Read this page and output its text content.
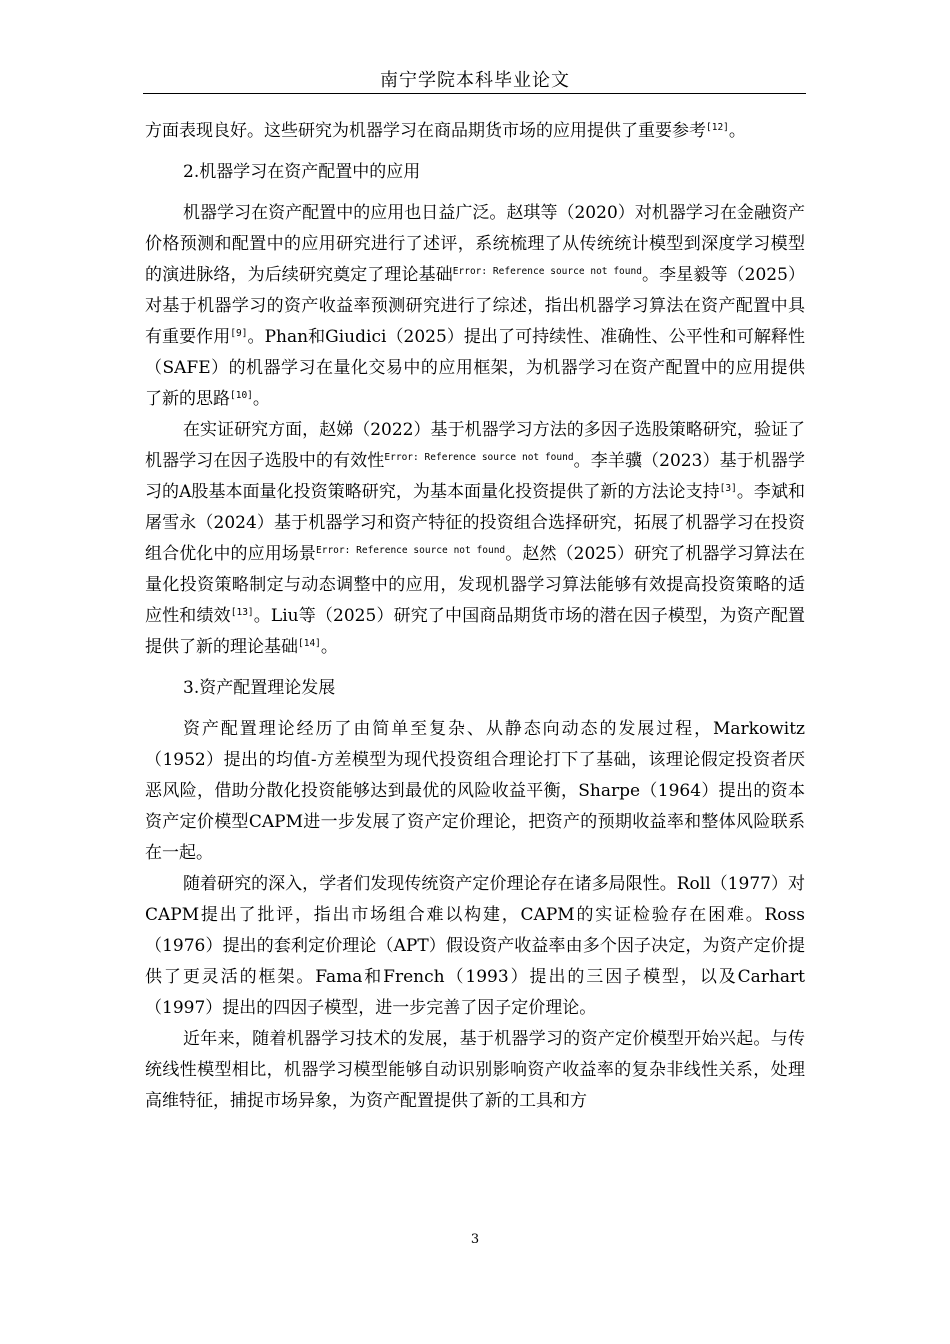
南宁学院本科毕业论文

方面表现良好。这些研究为机器学习在商品期货市场的应用提供了重要参考[12]。

2.机器学习在资产配置中的应用

机器学习在资产配置中的应用也日益广泛。赵琪等（2020）对机器学习在金融资产价格预测和配置中的应用研究进行了述评，系统梳理了从传统统计模型到深度学习模型的演进脉络，为后续研究奠定了理论基础$^{Error: Reference source not found}$。李星毅等（2025）对基于机器学习的资产收益率预测研究进行了综述，指出机器学习算法在资产配置中具有重要作用[9]。Phan和Giudici（2025）提出了可持续性、准确性、公平性和可解释性（SAFE）的机器学习在量化交易中的应用框架，为机器学习在资产配置中的应用提供了新的思路[10]。

在实证研究方面，赵娣（2022）基于机器学习方法的多因子选股策略研究，验证了机器学习在因子选股中的有效性$^{Error: Reference source not found}$。李羊骥（2023）基于机器学习的A股基本面量化投资策略研究，为基本面量化投资提供了新的方法论支持[3]。李斌和屠雪永（2024）基于机器学习和资产特征的投资组合选择研究，拓展了机器学习在投资组合优化中的应用场景$^{Error: Reference source not found}$。赵然（2025）研究了机器学习算法在量化投资策略制定与动态调整中的应用，发现机器学习算法能够有效提高投资策略的适应性和绩效[13]。Liu等（2025）研究了中国商品期货市场的潜在因子模型，为资产配置提供了新的理论基础[14]。

3.资产配置理论发展

资产配置理论经历了由简单至复杂、从静态向动态的发展过程，Markowitz（1952）提出的均值-方差模型为现代投资组合理论打下了基础，该理论假定投资者厌恶风险，借助分散化投资能够达到最优的风险收益平衡，Sharpe（1964）提出的资本资产定价模型CAPM进一步发展了资产定价理论，把资产的预期收益率和整体风险联系在一起。

随着研究的深入，学者们发现传统资产定价理论存在诸多局限性。Roll（1977）对CAPM提出了批评，指出市场组合难以构建，CAPM的实证检验存在困难。Ross（1976）提出的套利定价理论（APT）假设资产收益率由多个因子决定，为资产定价提供了更灵活的框架。Fama和French（1993）提出的三因子模型，以及Carhart（1997）提出的四因子模型，进一步完善了因子定价理论。

近年来，随着机器学习技术的发展，基于机器学习的资产定价模型开始兴起。与传统线性模型相比，机器学习模型能够自动识别影响资产收益率的复杂非线性关系，处理高维特征，捕捉市场异象，为资产配置提供了新的工具和方

3
